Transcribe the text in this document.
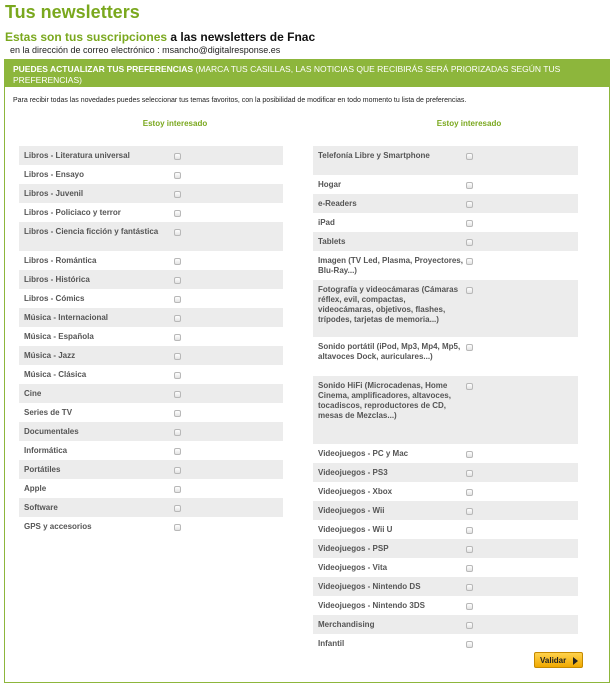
Tus newsletters
Estas son tus suscripciones a las newsletters de Fnac
en la dirección de correo electrónico : msancho@digitalresponse.es
PUEDES ACTUALIZAR TUS PREFERENCIAS (MARCA TUS CASILLAS, LAS NOTICIAS QUE RECIBIRÁS SERÁ PRIORIZADAS SEGÚN TUS PREFERENCIAS)
Para recibir todas las novedades puedes seleccionar tus temas favoritos, con la posibilidad de modificar en todo momento tu lista de preferencias.
Estoy interesado	Estoy interesado
Libros - Literatura universal
Libros - Ensayo
Libros - Juvenil
Libros - Policiaco y terror
Libros - Ciencia ficción y fantástica
Libros - Romántica
Libros - Histórica
Libros - Cómics
Música - Internacional
Música - Española
Música - Jazz
Música - Clásica
Cine
Series de TV
Documentales
Informática
Portátiles
Apple
Software
GPS y accesorios
Telefonía Libre y Smartphone
Hogar
e-Readers
iPad
Tablets
Imagen (TV Led, Plasma, Proyectores, Blu-Ray...)
Fotografía y videocámaras (Cámaras réflex, evil, compactas, videocámaras, objetivos, flashes, trípodes, tarjetas de memoria...)
Sonido portátil (iPod, Mp3, Mp4, Mp5, altavoces Dock, auriculares...)
Sonido HiFi (Microcadenas, Home Cinema, amplificadores, altavoces, tocadiscos, reproductores de CD, mesas de Mezclas...)
Videojuegos - PC y Mac
Videojuegos - PS3
Videojuegos - Xbox
Videojuegos - Wii
Videojuegos - Wii U
Videojuegos - PSP
Videojuegos - Vita
Videojuegos - Nintendo DS
Videojuegos - Nintendo 3DS
Merchandising
Infantil
Validar
